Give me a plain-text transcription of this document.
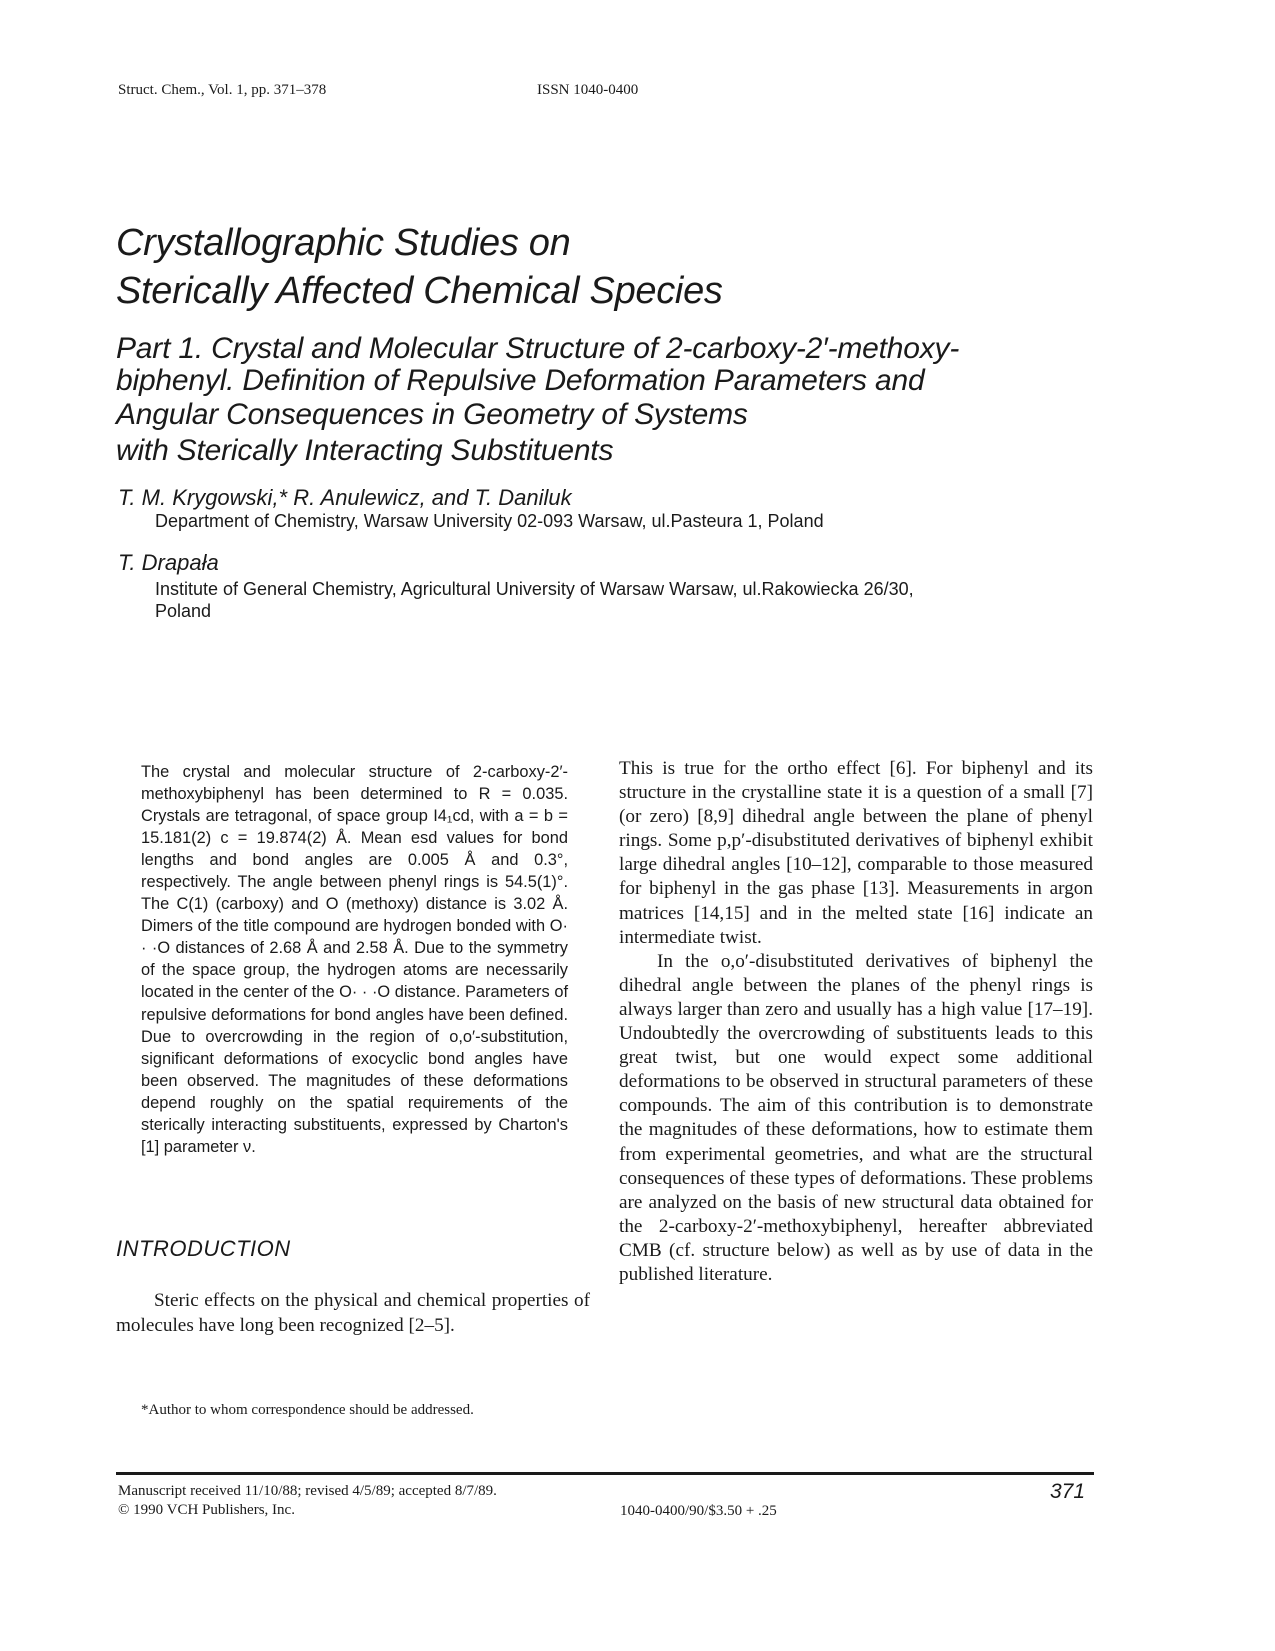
Struct. Chem., Vol. 1, pp. 371–378	ISSN 1040-0400
Crystallographic Studies on
Sterically Affected Chemical Species
Part 1. Crystal and Molecular Structure of 2-carboxy-2′-methoxy-
biphenyl. Definition of Repulsive Deformation Parameters and
Angular Consequences in Geometry of Systems
with Sterically Interacting Substituents
T. M. Krygowski,* R. Anulewicz, and T. Daniluk
Department of Chemistry, Warsaw University 02-093 Warsaw, ul.Pasteura 1, Poland
T. Drapała
Institute of General Chemistry, Agricultural University of Warsaw Warsaw, ul.Rakowiecka 26/30,
Poland
The crystal and molecular structure of 2-carboxy-2′-methoxybiphenyl has been determined to R = 0.035. Crystals are tetragonal, of space group I4₁cd, with a = b = 15.181(2) c = 19.874(2) Å. Mean esd values for bond lengths and bond angles are 0.005 Å and 0.3°, respectively. The angle between phenyl rings is 54.5(1)°. The C(1) (carboxy) and O (methoxy) distance is 3.02 Å. Dimers of the title compound are hydrogen bonded with O· · ·O distances of 2.68 Å and 2.58 Å. Due to the symmetry of the space group, the hydrogen atoms are necessarily located in the center of the O· · ·O distance. Parameters of repulsive deformations for bond angles have been defined. Due to overcrowding in the region of o,o′-substitution, significant deformations of exocyclic bond angles have been observed. The magnitudes of these deformations depend roughly on the spatial requirements of the sterically interacting substituents, expressed by Charton's [1] parameter ν.
INTRODUCTION
Steric effects on the physical and chemical properties of molecules have long been recognized [2–5].

This is true for the ortho effect [6]. For biphenyl and its structure in the crystalline state it is a question of a small [7] (or zero) [8,9] dihedral angle between the plane of phenyl rings. Some p,p′-disubstituted derivatives of biphenyl exhibit large dihedral angles [10–12], comparable to those measured for biphenyl in the gas phase [13]. Measurements in argon matrices [14,15] and in the melted state [16] indicate an intermediate twist.

In the o,o′-disubstituted derivatives of biphenyl the dihedral angle between the planes of the phenyl rings is always larger than zero and usually has a high value [17–19]. Undoubtedly the overcrowding of substituents leads to this great twist, but one would expect some additional deformations to be observed in structural parameters of these compounds. The aim of this contribution is to demonstrate the magnitudes of these deformations, how to estimate them from experimental geometries, and what are the structural consequences of these types of deformations. These problems are analyzed on the basis of new structural data obtained for the 2-carboxy-2′-methoxybiphenyl, hereafter abbreviated CMB (cf. structure below) as well as by use of data in the published literature.

*Author to whom correspondence should be addressed.
Manuscript received 11/10/88; revised 4/5/89; accepted 8/7/89.
© 1990 VCH Publishers, Inc.	1040-0400/90/$3.50 + .25
371
